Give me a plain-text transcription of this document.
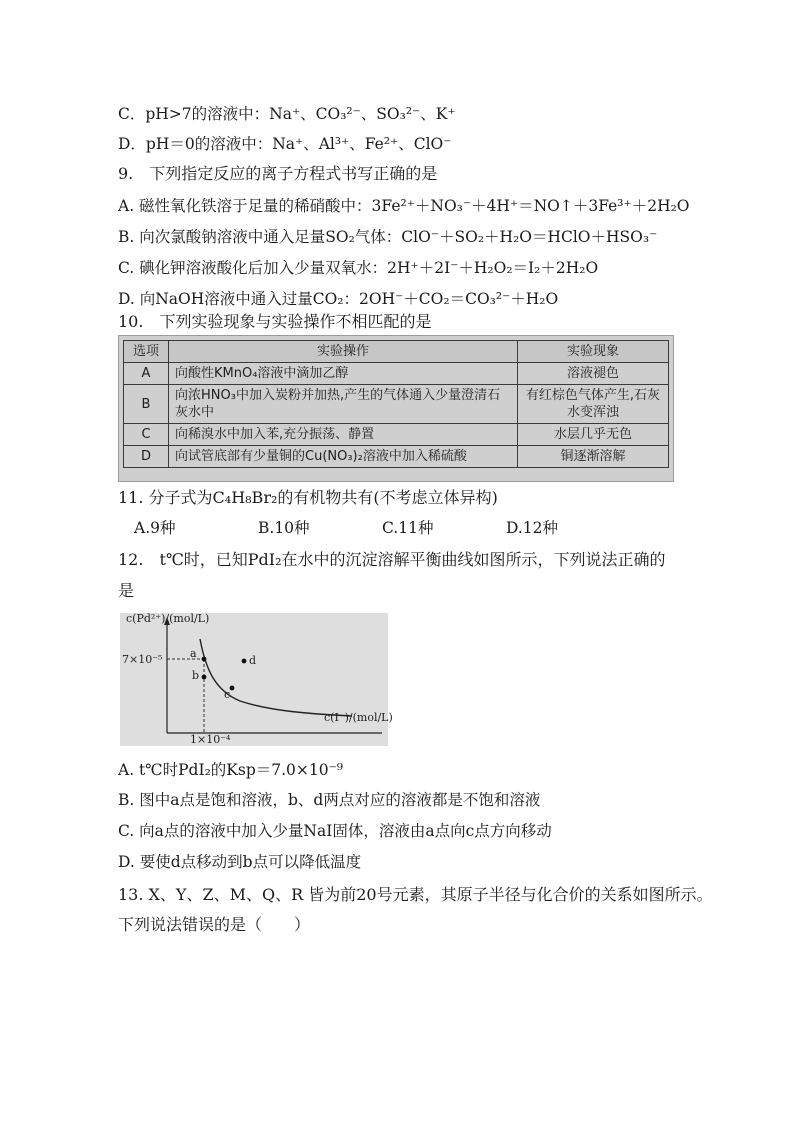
C．pH>7的溶液中：Na⁺、CO₃²⁻、SO₃²⁻、K⁺
D．pH＝0的溶液中：Na⁺、Al³⁺、Fe²⁺、ClO⁻
9.　下列指定反应的离子方程式书写正确的是
A. 磁性氧化铁溶于足量的稀硝酸中：3Fe²⁺＋NO₃⁻＋4H⁺＝NO↑＋3Fe³⁺＋2H₂O
B. 向次氯酸钠溶液中通入足量SO₂气体：ClO⁻＋SO₂＋H₂O＝HClO＋HSO₃⁻
C. 碘化钾溶液酸化后加入少量双氧水：2H⁺＋2I⁻＋H₂O₂＝I₂＋2H₂O
D. 向NaOH溶液中通入过量CO₂：2OH⁻＋CO₂＝CO₃²⁻＋H₂O
10.　下列实验现象与实验操作不相匹配的是
选项	实验操作	实验现象
A	向酸性KMnO₄溶液中滴加乙醇	溶液褪色
B	向浓HNO₃中加入炭粉并加热,产生的气体通入少量澄清石灰水中	有红棕色气体产生,石灰水变浑浊
C	向稀溴水中加入苯,充分振荡、静置	水层几乎无色
D	向试管底部有少量铜的Cu(NO₃)₂溶液中加入稀硫酸	铜逐渐溶解
11. 分子式为C₄H₈Br₂的有机物共有(不考虑立体异构)
A.9种	B.10种	C.11种	D.12种
12.　t℃时，已知PdI₂在水中的沉淀溶解平衡曲线如图所示，下列说法正确的
是
c(Pd²⁺)/(mol/L)
c(I⁻)/(mol/L)
7×10⁻⁵
1×10⁻⁴
a
b
c
d
A. t℃时PdI₂的Ksp＝7.0×10⁻⁹
B. 图中a点是饱和溶液，b、d两点对应的溶液都是不饱和溶液
C. 向a点的溶液中加入少量NaI固体，溶液由a点向c点方向移动
D. 要使d点移动到b点可以降低温度
13. X、Y、Z、M、Q、R 皆为前20号元素，其原子半径与化合价的关系如图所示。
下列说法错误的是（　　）
